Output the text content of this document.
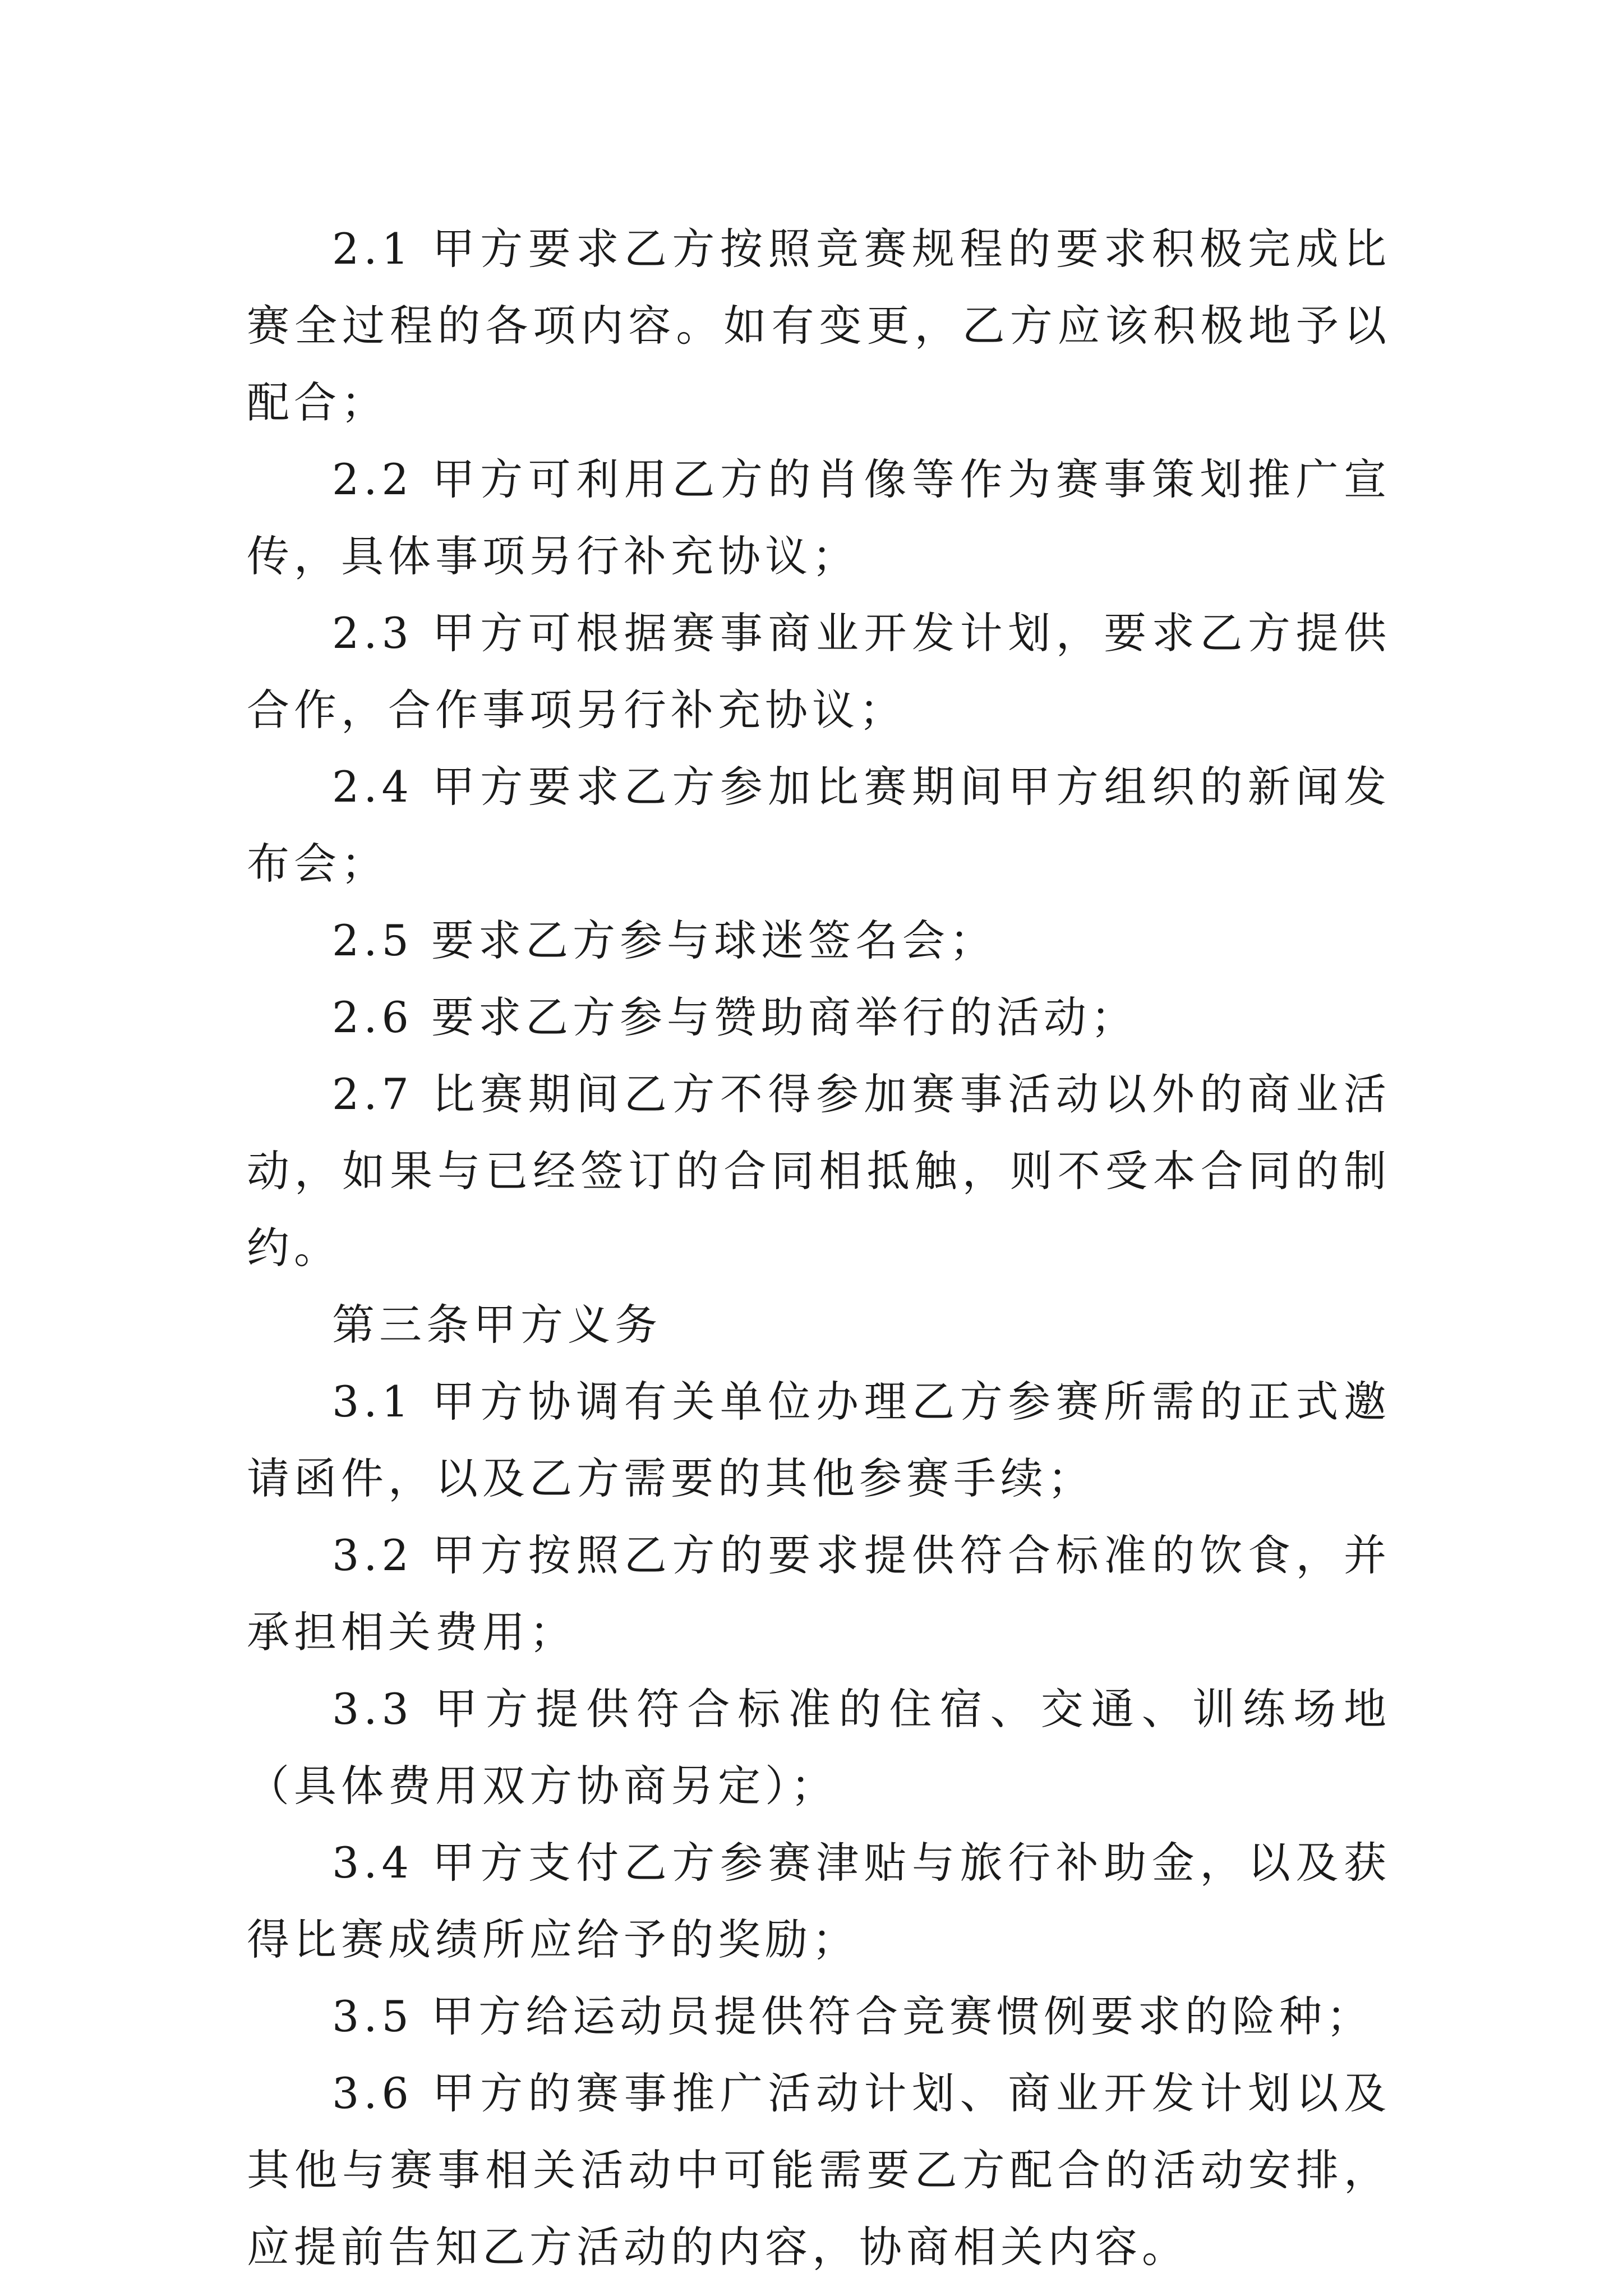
2.1 甲方要求乙方按照竞赛规程的要求积极完成比赛全过程的各项内容。如有变更，乙方应该积极地予以配合；

2.2 甲方可利用乙方的肖像等作为赛事策划推广宣传，具体事项另行补充协议；

2.3 甲方可根据赛事商业开发计划，要求乙方提供合作，合作事项另行补充协议；

2.4 甲方要求乙方参加比赛期间甲方组织的新闻发布会；

2.5 要求乙方参与球迷签名会；

2.6 要求乙方参与赞助商举行的活动；

2.7 比赛期间乙方不得参加赛事活动以外的商业活动，如果与已经签订的合同相抵触，则不受本合同的制约。

第三条甲方义务

3.1 甲方协调有关单位办理乙方参赛所需的正式邀请函件，以及乙方需要的其他参赛手续；

3.2 甲方按照乙方的要求提供符合标准的饮食，并承担相关费用；

3.3 甲方提供符合标准的住宿、交通、训练场地（具体费用双方协商另定）；

3.4 甲方支付乙方参赛津贴与旅行补助金，以及获得比赛成绩所应给予的奖励；

3.5 甲方给运动员提供符合竞赛惯例要求的险种；

3.6 甲方的赛事推广活动计划、商业开发计划以及其他与赛事相关活动中可能需要乙方配合的活动安排，应提前告知乙方活动的内容，协商相关内容。
